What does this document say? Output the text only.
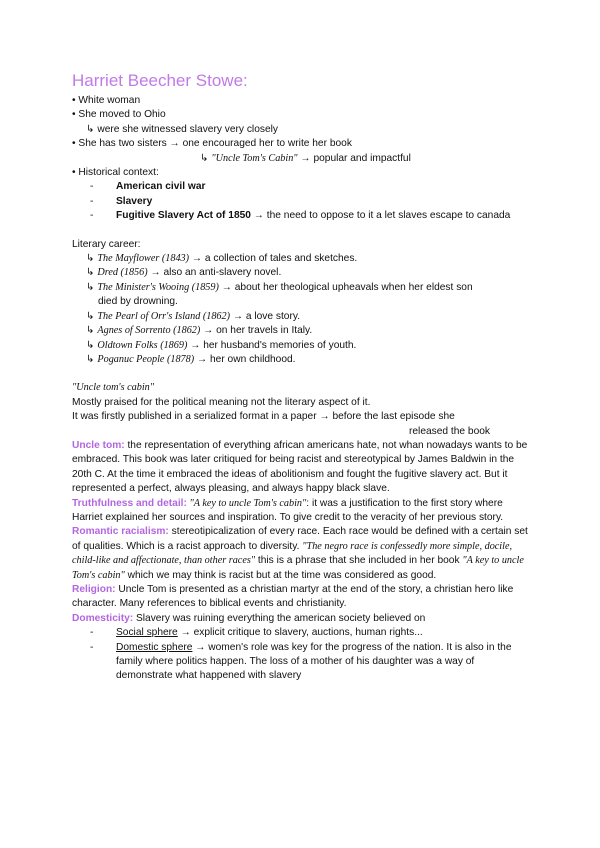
Harriet Beecher Stowe:
• White woman
• She moved to Ohio
↳ were she witnessed slavery very closely
• She has two sisters → one encouraged her to write her book
↳ "Uncle Tom's Cabin" → popular and impactful
• Historical context:
-	American civil war
-	Slavery
-	Fugitive Slavery Act of 1850 → the need to oppose to it a let slaves escape to canada
Literary career:
↳ The Mayflower (1843) → a collection of tales and sketches.
↳ Dred (1856) → also an anti-slavery novel.
↳ The Minister's Wooing (1859) → about her theological upheavals when her eldest son
died by drowning.
↳ The Pearl of Orr's Island (1862) → a love story.
↳ Agnes of Sorrento (1862) → on her travels in Italy.
↳ Oldtown Folks (1869) → her husband's memories of youth.
↳ Poganuc People (1878) → her own childhood.
"Uncle tom's cabin"
Mostly praised for the political meaning not the literary aspect of it.
It was firstly published in a serialized format in a paper → before the last episode she
released the book
Uncle tom: the representation of everything african americans hate, not whan nowadays wants to be embraced. This book was later critiqued for being racist and stereotypical by James Baldwin in the 20th C. At the time it embraced the ideas of abolitionism and fought the fugitive slavery act. But it represented a perfect, always pleasing, and always happy black slave.
Truthfulness and detail: "A key to uncle Tom's cabin": it was a justification to the first story where Harriet explained her sources and inspiration. To give credit to the veracity of her previous story.
Romantic racialism: stereotipicalization of every race. Each race would be defined with a certain set of qualities. Which is a racist approach to diversity. "The negro race is confessedly more simple, docile, child-like and affectionate, than other races" this is a phrase that she included in her book "A key to uncle Tom's cabin" which we may think is racist but at the time was considered as good.
Religion: Uncle Tom is presented as a christian martyr at the end of the story, a christian hero like character. Many references to biblical events and christianity.
Domesticity: Slavery was ruining everything the american society believed on
-	Social sphere → explicit critique to slavery, auctions, human rights...
-	Domestic sphere → women's role was key for the progress of the nation. It is also in the family where politics happen. The loss of a mother of his daughter was a way of demonstrate what happened with slavery
